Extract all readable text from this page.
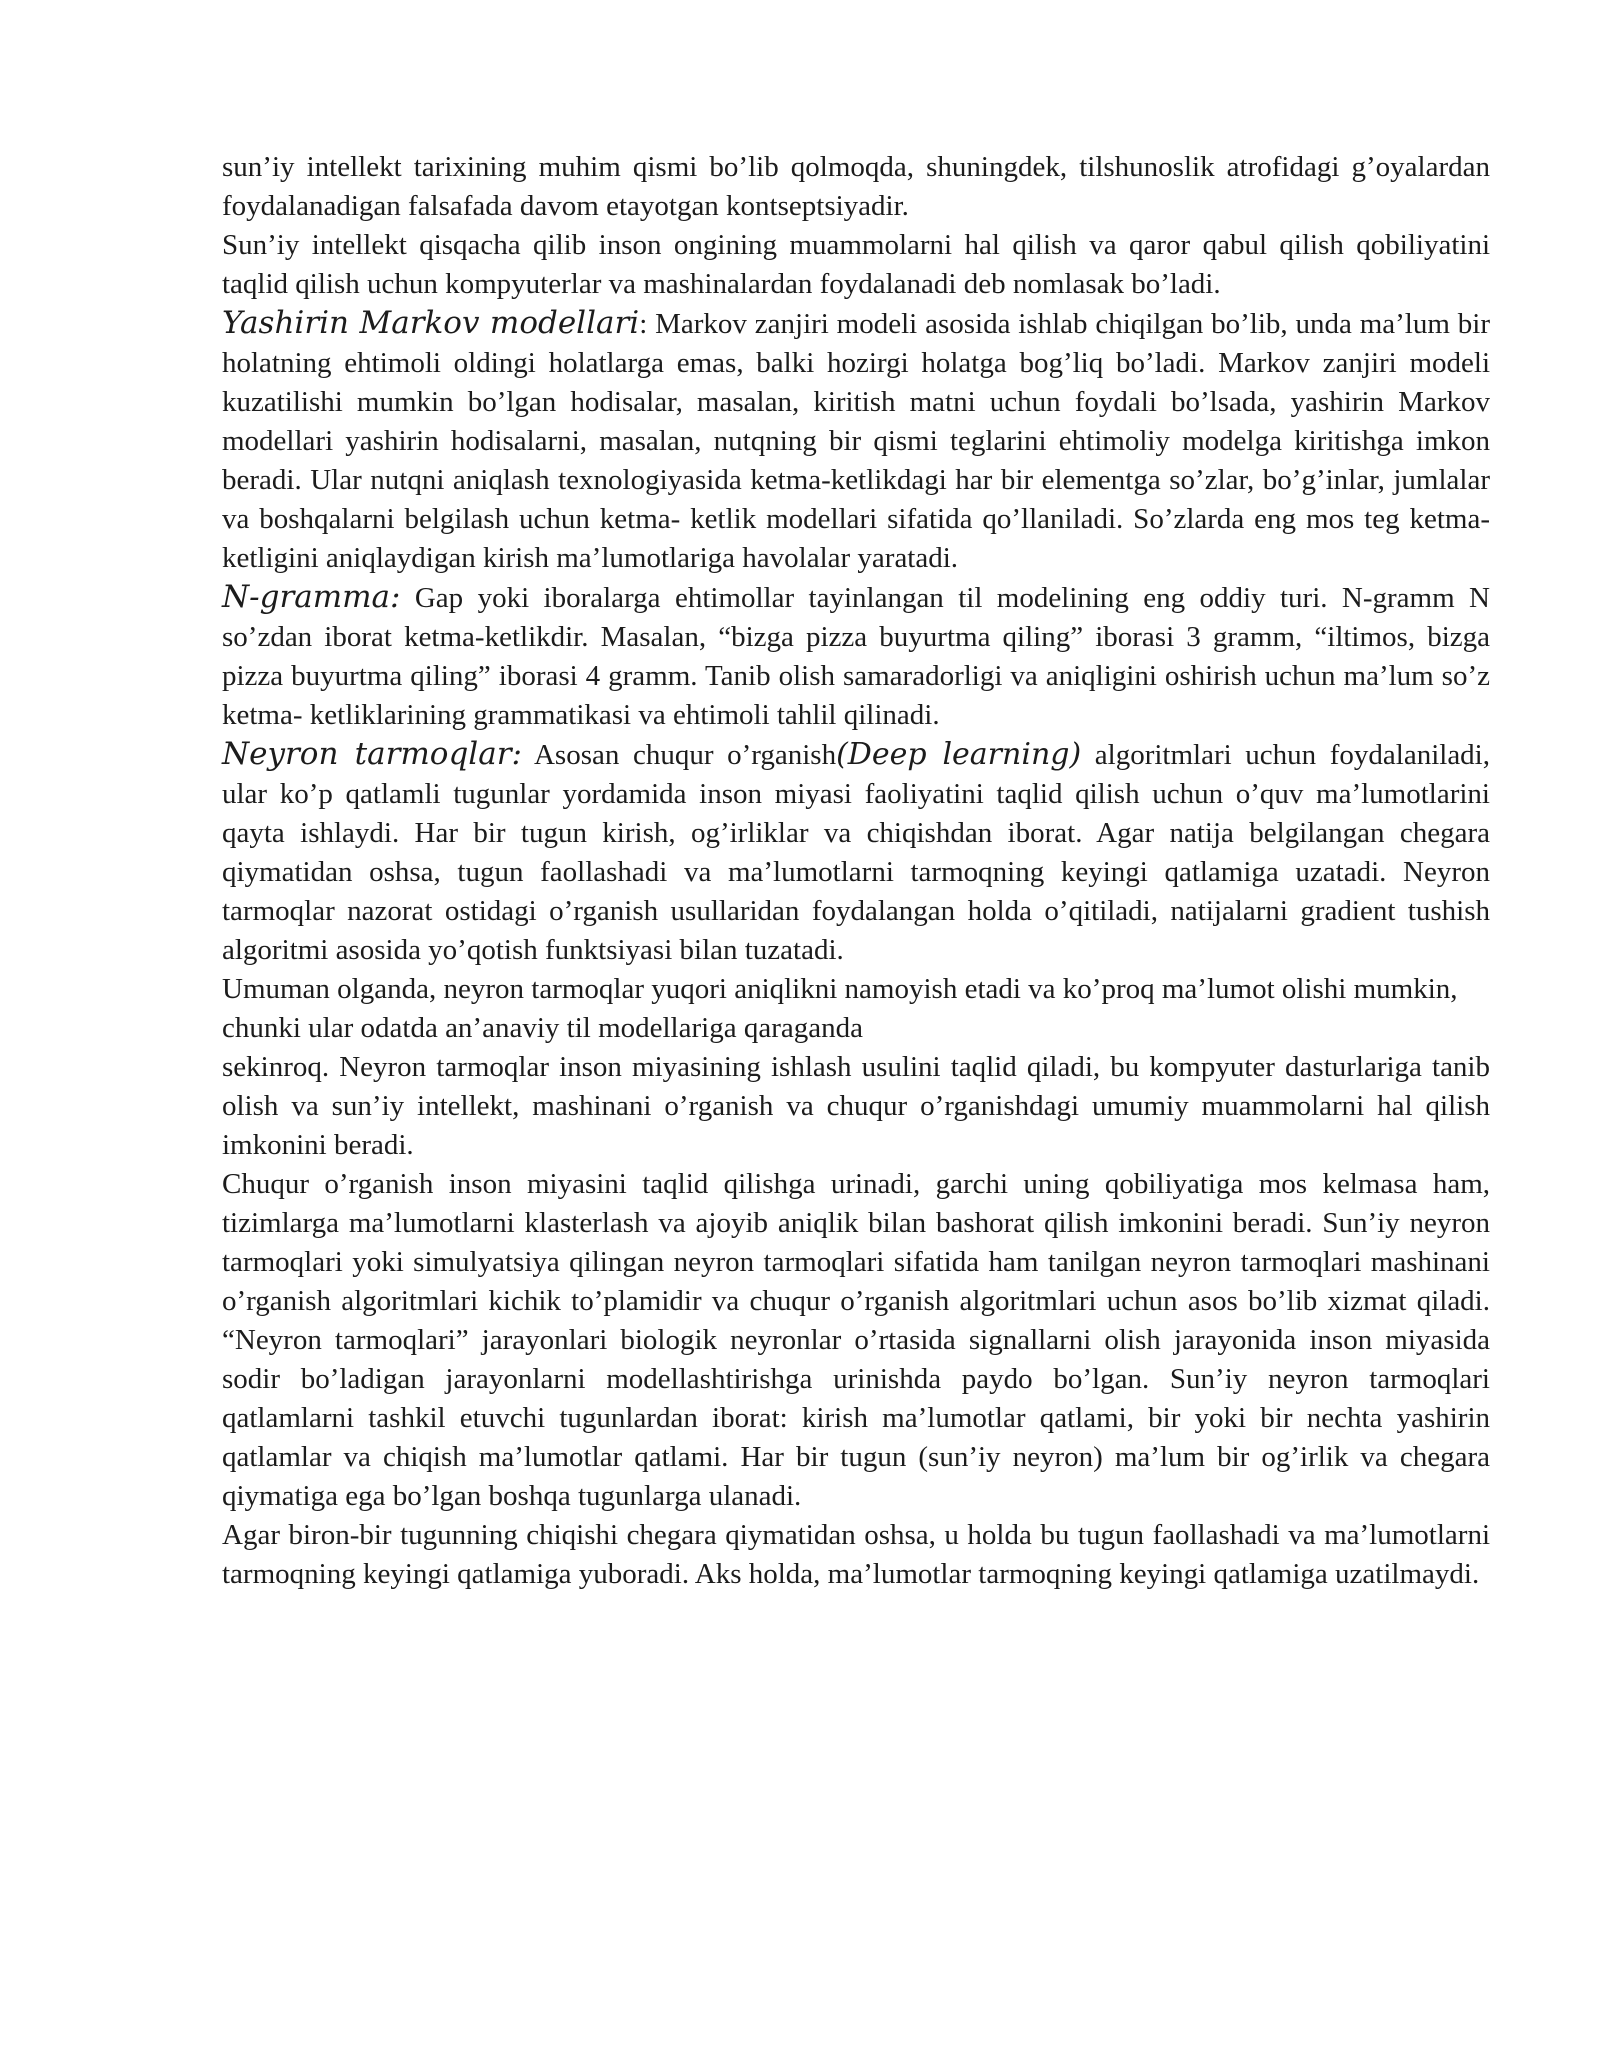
sun’iy intellekt tarixining muhim qismi bo’lib qolmoqda, shuningdek, tilshunoslik atrofidagi g’oyalardan foydalanadigan falsafada davom etayotgan kontseptsiyadir.

Sun’iy intellekt qisqacha qilib inson ongining muammolarni hal qilish va qaror qabul qilish qobiliyatini taqlid qilish uchun kompyuterlar va mashinalardan foydalanadi deb nomlasak bo’ladi.

Yashirin Markov modellari: Markov zanjiri modeli asosida ishlab chiqilgan bo’lib, unda ma’lum bir holatning ehtimoli oldingi holatlarga emas, balki hozirgi holatga bog’liq bo’ladi. Markov zanjiri modeli kuzatilishi mumkin bo’lgan hodisalar, masalan, kiritish matni uchun foydali bo’lsada, yashirin Markov modellari yashirin hodisalarni, masalan, nutqning bir qismi teglarini ehtimoliy modelga kiritishga imkon beradi. Ular nutqni aniqlash texnologiyasida ketma-ketlikdagi har bir elementga so’zlar, bo’g’inlar, jumlalar va boshqalarni belgilash uchun ketma- ketlik modellari sifatida qo’llaniladi. So’zlarda eng mos teg ketma-ketligini aniqlaydigan kirish ma’lumotlariga havolalar yaratadi.

N-gramma: Gap yoki iboralarga ehtimollar tayinlangan til modelining eng oddiy turi. N-gramm N so’zdan iborat ketma-ketlikdir. Masalan, “bizga pizza buyurtma qiling” iborasi 3 gramm, “iltimos, bizga pizza buyurtma qiling” iborasi 4 gramm. Tanib olish samaradorligi va aniqligini oshirish uchun ma’lum so’z ketma- ketliklarining grammatikasi va ehtimoli tahlil qilinadi.

Neyron tarmoqlar: Asosan chuqur o’rganish(Deep learning) algoritmlari uchun foydalaniladi, ular ko’p qatlamli tugunlar yordamida inson miyasi faoliyatini taqlid qilish uchun o’quv ma’lumotlarini qayta ishlaydi. Har bir tugun kirish, og’irliklar va chiqishdan iborat. Agar natija belgilangan chegara qiymatidan oshsa, tugun faollashadi va ma’lumotlarni tarmoqning keyingi qatlamiga uzatadi. Neyron tarmoqlar nazorat ostidagi o’rganish usullaridan foydalangan holda o’qitiladi, natijalarni gradient tushish algoritmi asosida yo’qotish funktsiyasi bilan tuzatadi.

Umuman olganda, neyron tarmoqlar yuqori aniqlikni namoyish etadi va ko’proq ma’lumot olishi mumkin, chunki ular odatda an’anaviy til modellariga qaraganda

sekinroq. Neyron tarmoqlar inson miyasining ishlash usulini taqlid qiladi, bu kompyuter dasturlariga tanib olish va sun’iy intellekt, mashinani o’rganish va chuqur o’rganishdagi umumiy muammolarni hal qilish imkonini beradi.

Chuqur o’rganish inson miyasini taqlid qilishga urinadi, garchi uning qobiliyatiga mos kelmasa ham, tizimlarga ma’lumotlarni klasterlash va ajoyib aniqlik bilan bashorat qilish imkonini beradi. Sun’iy neyron tarmoqlari yoki simulyatsiya qilingan neyron tarmoqlari sifatida ham tanilgan neyron tarmoqlari mashinani o’rganish algoritmlari kichik to’plamidir va chuqur o’rganish algoritmlari uchun asos bo’lib xizmat qiladi. “Neyron tarmoqlari” jarayonlari biologik neyronlar o’rtasida signallarni olish jarayonida inson miyasida sodir bo’ladigan jarayonlarni modellashtirishga urinishda paydo bo’lgan. Sun’iy neyron tarmoqlari qatlamlarni tashkil etuvchi tugunlardan iborat: kirish ma’lumotlar qatlami, bir yoki bir nechta yashirin qatlamlar va chiqish ma’lumotlar qatlami. Har bir tugun (sun’iy neyron) ma’lum bir og’irlik va chegara qiymatiga ega bo’lgan boshqa tugunlarga ulanadi.

Agar biron-bir tugunning chiqishi chegara qiymatidan oshsa, u holda bu tugun faollashadi va ma’lumotlarni tarmoqning keyingi qatlamiga yuboradi. Aks holda, ma’lumotlar tarmoqning keyingi qatlamiga uzatilmaydi.
